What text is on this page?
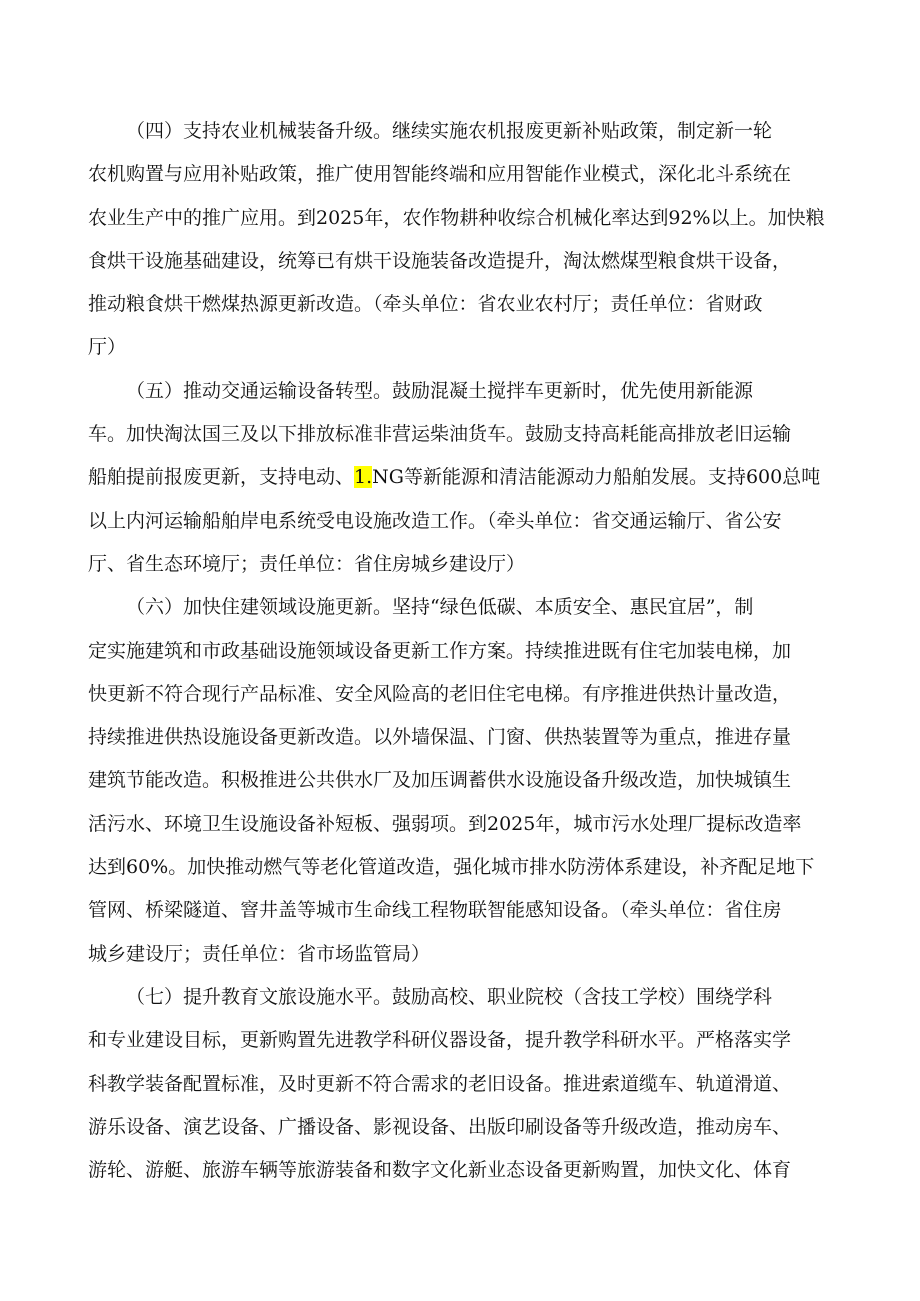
（四）支持农业机械装备升级。继续实施农机报废更新补贴政策，制定新一轮
农机购置与应用补贴政策，推广使用智能终端和应用智能作业模式，深化北斗系统在
农业生产中的推广应用。到2025年，农作物耕种收综合机械化率达到92%以上。加快粮
食烘干设施基础建设，统筹已有烘干设施装备改造提升，淘汰燃煤型粮食烘干设备，
推动粮食烘干燃煤热源更新改造。（牵头单位：省农业农村厅；责任单位：省财政
厅）
（五）推动交通运输设备转型。鼓励混凝土搅拌车更新时，优先使用新能源
车。加快淘汰国三及以下排放标准非营运柴油货车。鼓励支持高耗能高排放老旧运输
船舶提前报废更新，支持电动、1.NG等新能源和清洁能源动力船舶发展。支持600总吨
以上内河运输船舶岸电系统受电设施改造工作。（牵头单位：省交通运输厅、省公安
厅、省生态环境厅；责任单位：省住房城乡建设厅）
（六）加快住建领域设施更新。坚持“绿色低碳、本质安全、惠民宜居”，制
定实施建筑和市政基础设施领域设备更新工作方案。持续推进既有住宅加装电梯，加
快更新不符合现行产品标准、安全风险高的老旧住宅电梯。有序推进供热计量改造，
持续推进供热设施设备更新改造。以外墙保温、门窗、供热装置等为重点，推进存量
建筑节能改造。积极推进公共供水厂及加压调蓄供水设施设备升级改造，加快城镇生
活污水、环境卫生设施设备补短板、强弱项。到2025年，城市污水处理厂提标改造率
达到60%。加快推动燃气等老化管道改造，强化城市排水防涝体系建设，补齐配足地下
管网、桥梁隧道、窨井盖等城市生命线工程物联智能感知设备。（牵头单位：省住房
城乡建设厅；责任单位：省市场监管局）
（七）提升教育文旅设施水平。鼓励高校、职业院校（含技工学校）围绕学科
和专业建设目标，更新购置先进教学科研仪器设备，提升教学科研水平。严格落实学
科教学装备配置标准，及时更新不符合需求的老旧设备。推进索道缆车、轨道滑道、
游乐设备、演艺设备、广播设备、影视设备、出版印刷设备等升级改造，推动房车、
游轮、游艇、旅游车辆等旅游装备和数字文化新业态设备更新购置，加快文化、体育
